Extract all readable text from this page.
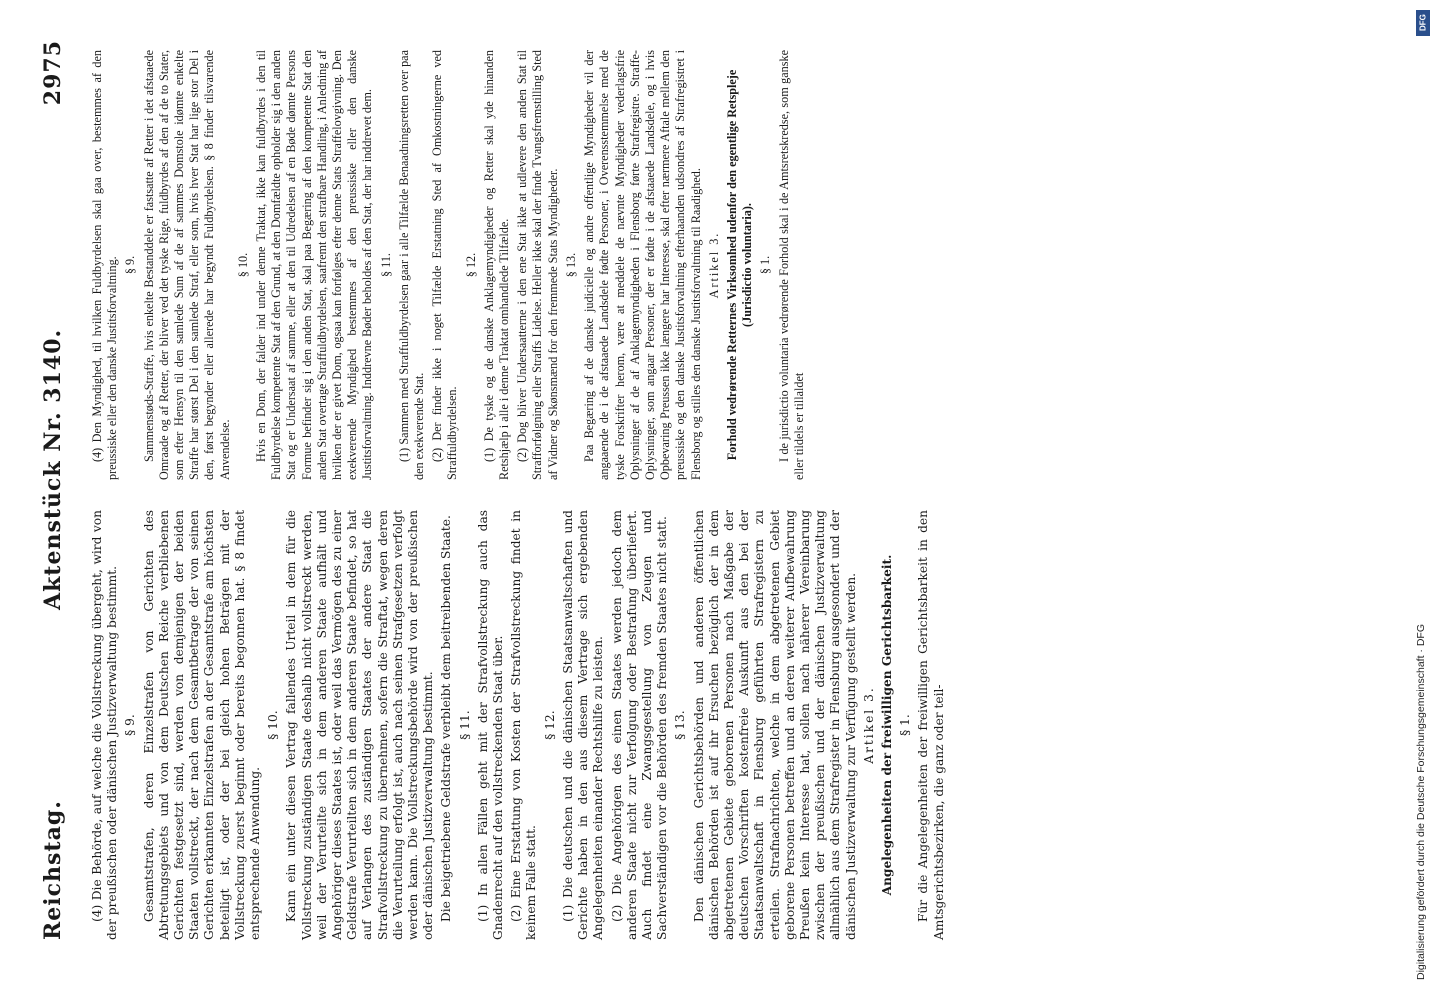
Reichstag.
Aktenstück Nr. 3140.
2975

(4) Die Behörde, auf welche die Vollstreckung übergeht, wird von der preußischen oder dänischen Justizverwaltung bestimmt. § 9. Gesamtstrafen, deren Einzelstrafen von Gerichten des Abtretungsgebiets und von dem Deutschen Reiche verbliebenen Gerichten festgesetzt sind, werden von demjenigen der beiden Staaten vollstreckt, der nach dem Gesamtbetrage der von seinen Gerichten erkannten Einzelstrafen an der Gesamtstrafe am höchsten beteiligt ist, oder der bei gleich hohen Beträgen mit der Vollstreckung zuerst beginnt oder bereits begonnen hat. § 8 findet entsprechende Anwendung.

§ 10. Kann ein unter diesen Vertrag fallendes Urteil in dem für die Vollstreckung zuständigen Staate deshalb nicht vollstreckt werden, weil der Verurteilte sich in dem anderen Staate aufhält und Angehöriger dieses Staates ist, oder weil das Vermögen des zu einer Geldstrafe Verurteilten sich in dem anderen Staate befindet, so hat auf Verlangen des zuständigen Staates der andere Staat die Strafvollstreckung zu übernehmen, sofern die Straftat, wegen deren die Verurteilung erfolgt ist, auch nach seinen Strafgesetzen verfolgt werden kann. Die Vollstreckungsbehörde wird von der preußischen oder dänischen Justizverwaltung bestimmt. Die beigetriebene Geldstrafe verbleibt dem beitreibenden Staate. § 11. (1) In allen Fällen geht mit der Strafvollstreckung auch das Gnadenrecht auf den vollstreckenden Staat über. (2) Eine Erstattung von Kosten der Strafvollstreckung findet in keinem Falle statt.

§ 12. (1) Die deutschen und die dänischen Staatsanwaltschaften und Gerichte haben in den aus diesem Vertrage sich ergebenden Angelegenheiten einander Rechtshilfe zu leisten. (2) Die Angehörigen des einen Staates werden jedoch dem anderen Staate nicht zur Verfolgung oder Bestrafung überliefert. Auch findet eine Zwangsgestellung von Zeugen und Sachverständigen vor die Behörden des fremden Staates nicht statt. § 13. Den dänischen Gerichtsbehörden und anderen öffentlichen dänischen Behörden ist auf ihr Ersuchen bezüglich der in dem abgetretenen Gebiete geborenen Personen nach Maßgabe der deutschen Vorschriften kostenfreie Auskunft aus den bei der Staatsanwaltschaft in Flensburg geführten Strafregistern zu erteilen. Strafnachrichten, welche in dem abgetretenen Gebiet geborene Personen betreffen und an deren weiterer Aufbewahrung Preußen kein Interesse hat, sollen nach näherer Vereinbarung zwischen der preußischen und der dänischen Justizverwaltung allmählich aus dem Strafregister in Flensburg ausgesondert und der dänischen Justizverwaltung zur Verfügung gestellt werden. Artikel 3. Angelegenheiten der freiwilligen Gerichtsbarkeit. § 1. Für die Angelegenheiten der freiwilligen Gerichtsbarkeit in den Amtsgerichtsbezirken, die ganz oder teil-

(4) Den Myndighed, til hvilken Fuldbyrdelsen skal gaa over, bestemmes af den preussiske eller den danske Justitsforvaltning. § 9. Sammenstøds-Straffe, hvis enkelte Bestanddele er fastsatte af Retter i det afstaaede Omraade og af Retter, der bliver ved det tyske Rige, fuldbyrdes af den af de to Stater, som efter Hensyn til den samlede Sum af de af sammes Domstole idømte enkelte Straffe har størst Del i den samlede Straf, eller som, hvis hver Stat har lige stor Del i den, først begynder eller allerede har begyndt Fuldbyrdelsen. § 8 finder tilsvarende Anvendelse.

§ 10. Hvis en Dom, der falder ind under denne Traktat, ikke kan fuldbyrdes i den til Fuldbyrdelse kompetente Stat af den Grund, at den Domfældte opholder sig i den anden Stat og er Undersaat af samme, eller at den til Udredelsen af en Bøde dømte Persons Formue befinder sig i den anden Stat, skal paa Begæring af den kompetente Stat den anden Stat overtage Straffuldbyrdelsen, saafremt den strafbare Handling, i Anledning af hvilken der er givet Dom, ogsaa kan forfølges efter denne Stats Straffelovgivning. Den exekverende Myndighed bestemmes af den preussiske eller den danske Justitsforvaltning. Inddrevne Bøder beholdes af den Stat, der har inddrevet dem. § 11. (1) Sammen med Straffuldbyrdelsen gaar i alle Tilfælde Benaadningsretten over paa den exekverende Stat. (2) Der finder ikke i noget Tilfælde Erstatning Sted af Omkostningerne ved Straffuldbyrdelsen.

§ 12. (1) De tyske og de danske Anklagemyndigheder og Retter skal yde hinanden Retshjælp i alle i denne Traktat omhandlede Tilfælde. (2) Dog bliver Undersaatterne i den ene Stat ikke at udlevere den anden Stat til Strafforfølgning eller Straffs Lidelse. Heller ikke skal der finde Tvangsfremstilling Sted af Vidner og Skønsmænd for den fremmede Stats Myndigheder. § 13. Paa Begæring af de danske judicielle og andre offentlige Myndigheder vil der angaaende de i de afstaaede Landsdele fødte Personer, i Overensstemmelse med de tyske Forskrifter herom, være at meddele de nævnte Myndigheder vederlagsfrie Oplysninger af de af Anklagemyndigheden i Flensborg førte Strafregistre. Straffe-Oplysninger, som angaar Personer, der er fødte i de afstaaede Landsdele, og i hvis Opbevaring Preussen ikke længere har Interesse, skal efter nærmere Aftale mellem den preussiske og den danske Justitsforvaltning efterhaanden udsondres af Strafregistret i Flensborg og stilles den danske Justitsforvaltning til Raadighed. Artikel 3. Forhold vedrørende Retternes Virksomhed udenfor den egentlige Retspleje (Jurisdictio voluntaria). § 1. I de jurisdictio voluntaria vedrørende Forhold skal i de Amtsretskredse, som ganske eller tildels er tillaldet

DFG
Digitalisierung gefördert durch die Deutsche Forschungsgemeinschaft · DFG
